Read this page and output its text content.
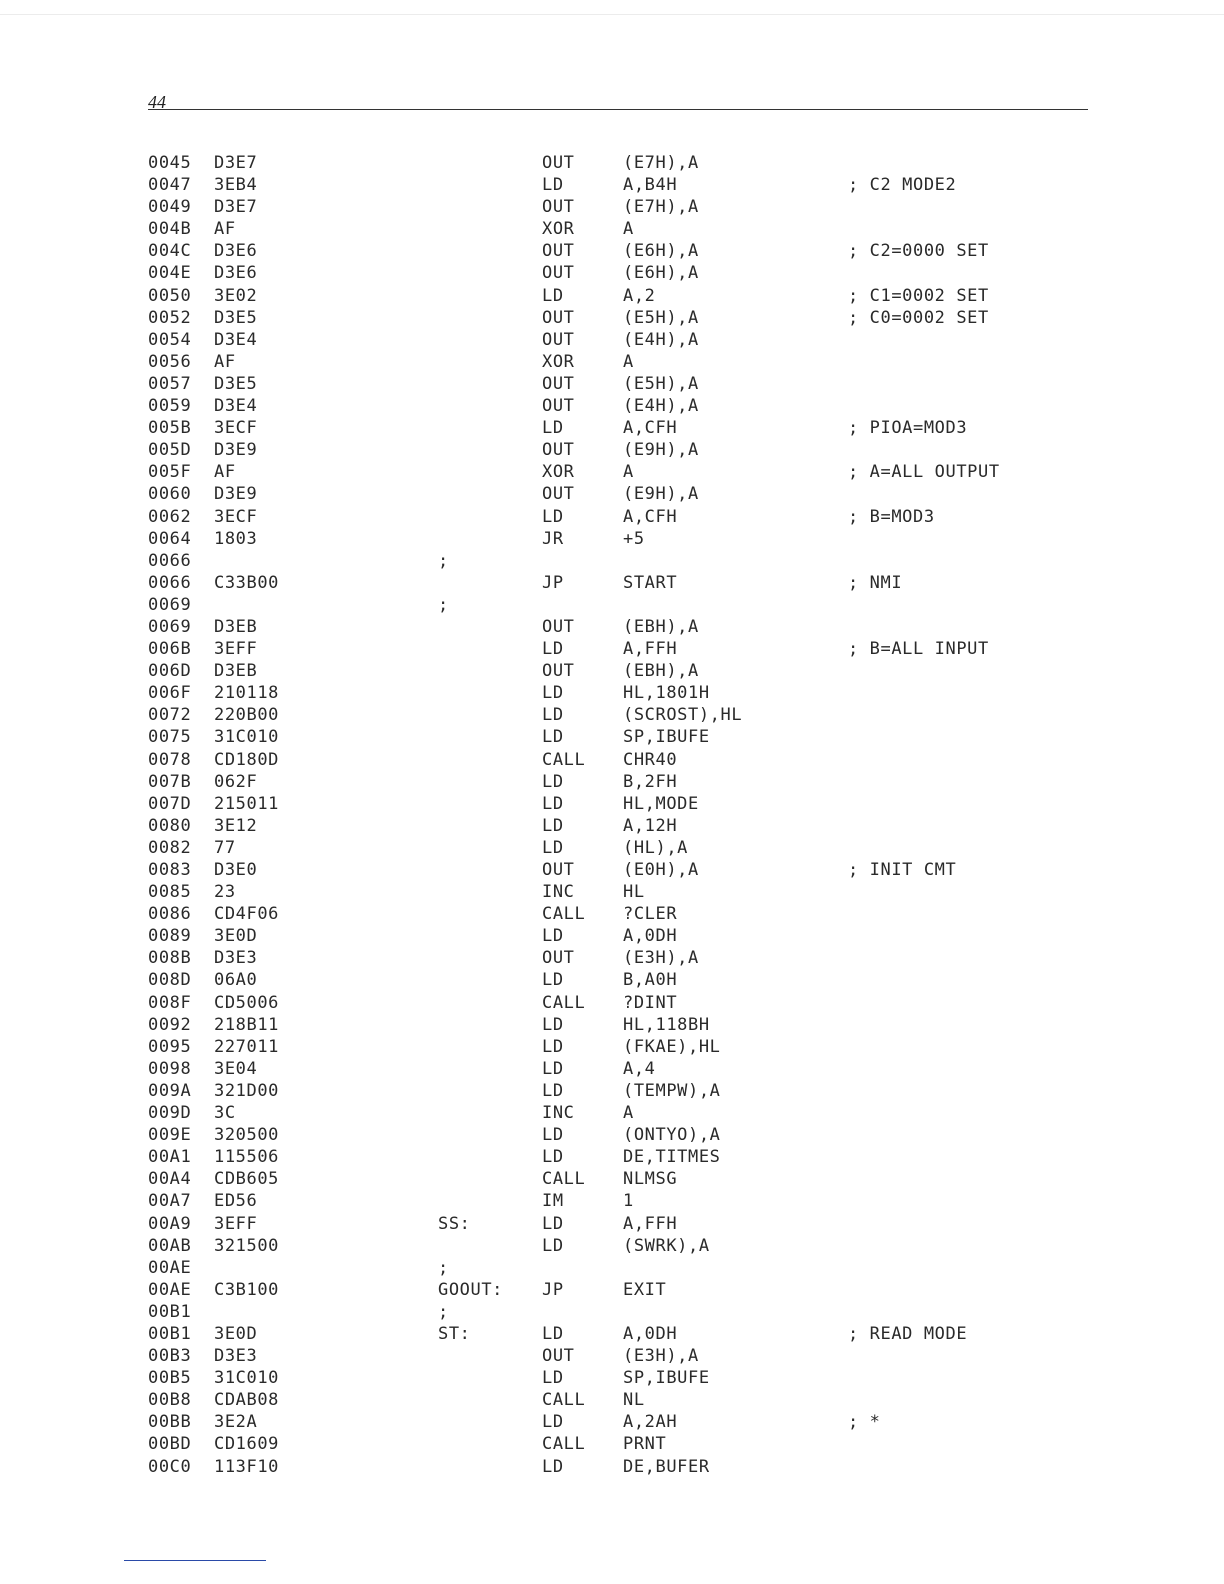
44
0045 D3E7	OUT	(E7H),A
0047 3EB4	LD	A,B4H	; C2 MODE2
0049 D3E7	OUT	(E7H),A
004B AF	XOR	A
004C D3E6	OUT	(E6H),A	; C2=0000 SET
004E D3E6	OUT	(E6H),A
0050 3E02	LD	A,2	; C1=0002 SET
0052 D3E5	OUT	(E5H),A	; C0=0002 SET
0054 D3E4	OUT	(E4H),A
0056 AF	XOR	A
0057 D3E5	OUT	(E5H),A
0059 D3E4	OUT	(E4H),A
005B 3ECF	LD	A,CFH	; PIOA=MOD3
005D D3E9	OUT	(E9H),A
005F AF	XOR	A	; A=ALL OUTPUT
0060 D3E9	OUT	(E9H),A
0062 3ECF	LD	A,CFH	; B=MOD3
0064 1803	JR	+5
0066	;
0066 C33B00	JP	START	; NMI
0069	;
0069 D3EB	OUT	(EBH),A
006B 3EFF	LD	A,FFH	; B=ALL INPUT
006D D3EB	OUT	(EBH),A
006F 210118	LD	HL,1801H
0072 220B00	LD	(SCROST),HL
0075 31C010	LD	SP,IBUFE
0078 CD180D	CALL CHR40
007B 062F	LD	B,2FH
007D 215011	LD	HL,MODE
0080 3E12	LD	A,12H
0082 77	LD	(HL),A
0083 D3E0	OUT	(E0H),A	; INIT CMT
0085 23	INC	HL
0086 CD4F06	CALL ?CLER
0089 3E0D	LD	A,0DH
008B D3E3	OUT	(E3H),A
008D 06A0	LD	B,A0H
008F CD5006	CALL ?DINT
0092 218B11	LD	HL,118BH
0095 227011	LD	(FKAE),HL
0098 3E04	LD	A,4
009A 321D00	LD	(TEMPW),A
009D 3C	INC	A
009E 320500	LD	(ONTYO),A
00A1 115506	LD	DE,TITMES
00A4 CDB605	CALL NLMSG
00A7 ED56	IM	1
00A9 3EFF	SS:	LD	A,FFH
00AB 321500	LD	(SWRK),A
00AE	;
00AE C3B100	GOOUT: JP	EXIT
00B1	;
00B1 3E0D	ST:	LD	A,0DH	; READ MODE
00B3 D3E3	OUT	(E3H),A
00B5 31C010	LD	SP,IBUFE
00B8 CDAB08	CALL NL
00BB 3E2A	LD	A,2AH	; *
00BD CD1609	CALL PRNT
00C0 113F10	LD	DE,BUFER
